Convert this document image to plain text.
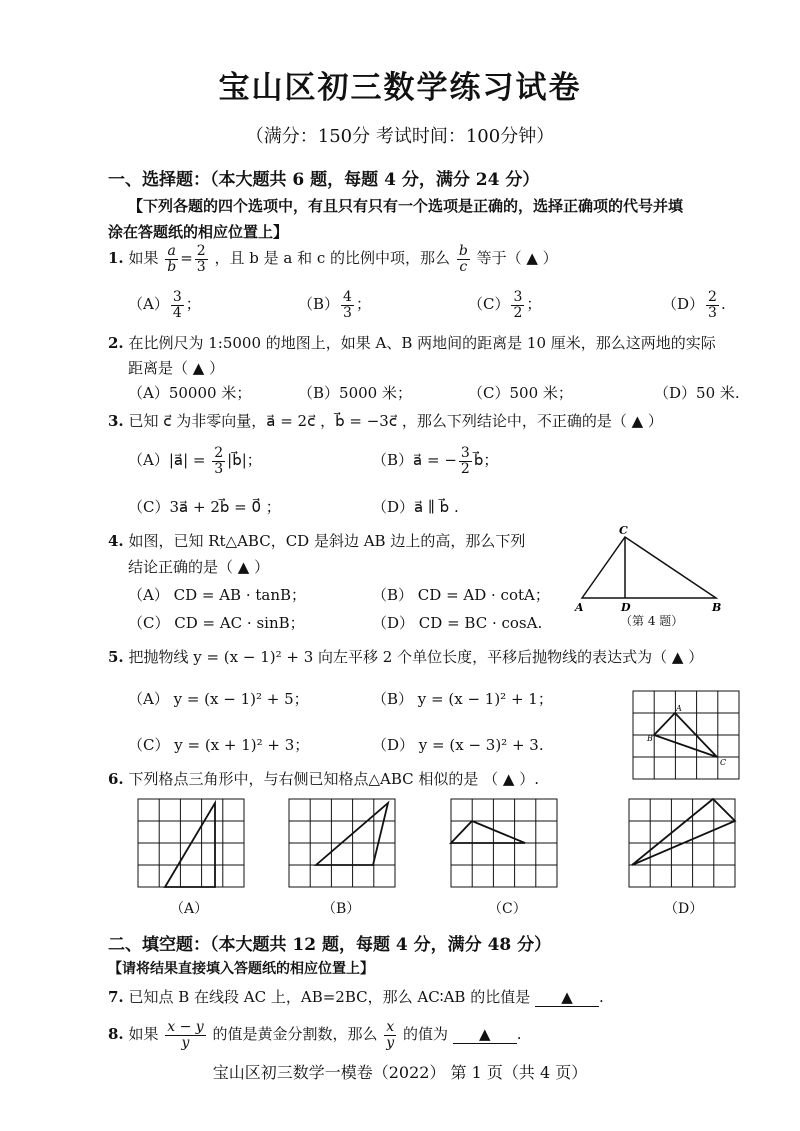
宝山区初三数学练习试卷
（满分：150分 考试时间：100分钟）
一、选择题：（本大题共 6 题，每题 4 分，满分 24 分）
【下列各题的四个选项中，有且只有只有一个选项是正确的，选择正确项的代号并填
涂在答题纸的相应位置上】
1. 如果 $\frac{a}{b} = \frac{2}{3}$ ，且 b 是 a 和 c 的比例中项，那么 $\frac{b}{c}$ 等于（ ▲ ）
$(A) \frac{3}{4}$ ；	$(B) \frac{4}{3}$ ；	$(C) \frac{3}{2}$ ；	$(D) \frac{2}{3}$ .
2. 在比例尺为 1:5000 的地图上，如果 A、B 两地间的距离是 10 厘米，那么这两地的实际
距离是（ ▲ ）
（A）50000 米；	（B）5000 米；	（C）500 米；	（D）50 米.
3. 已知 c⃗ 为非零向量，a⃗ = 2c⃗ ，b⃗ = −3c⃗ ，那么下列结论中，不正确的是（ ▲ ）
（A）|a⃗| = $\frac{2}{3}$ |b⃗|；	（B）a⃗ = − $\frac{3}{2}$ b⃗；
（C）3a⃗ + 2b⃗ = 0⃗ ；	（D）a⃗ ∥ b⃗ .
4. 如图，已知 Rt△ABC，CD 是斜边 AB 边上的高，那么下列
结论正确的是（ ▲ ）
（A） CD = AB · tanB；	（B） CD = AD · cotA；
（C） CD = AC · sinB；	（D） CD = BC · cosA.
C
A	D	B
（第 4 题）
5. 把抛物线 y = (x − 1)² + 3 向左平移 2 个单位长度，平移后抛物线的表达式为（ ▲ ）
（A） y = (x − 1)² + 5；	（B） y = (x − 1)² + 1；
（C） y = (x + 1)² + 3；	（D） y = (x − 3)² + 3.
A
B
C
6. 下列格点三角形中，与右侧已知格点△ABC 相似的是 （ ▲ ）.
（A）	（B）	（C）	（D）
二、填空题：（本大题共 12 题，每题 4 分，满分 48 分）
【请将结果直接填入答题纸的相应位置上】
7. 已知点 B 在线段 AC 上，AB=2BC，那么 AC∶AB 的比值是 ▲ .
8. 如果 $\frac{x - y}{y}$ 的值是黄金分割数，那么 $\frac{x}{y}$ 的值为 ▲ .
宝山区初三数学一模卷（2022） 第 1 页（共 4 页）
